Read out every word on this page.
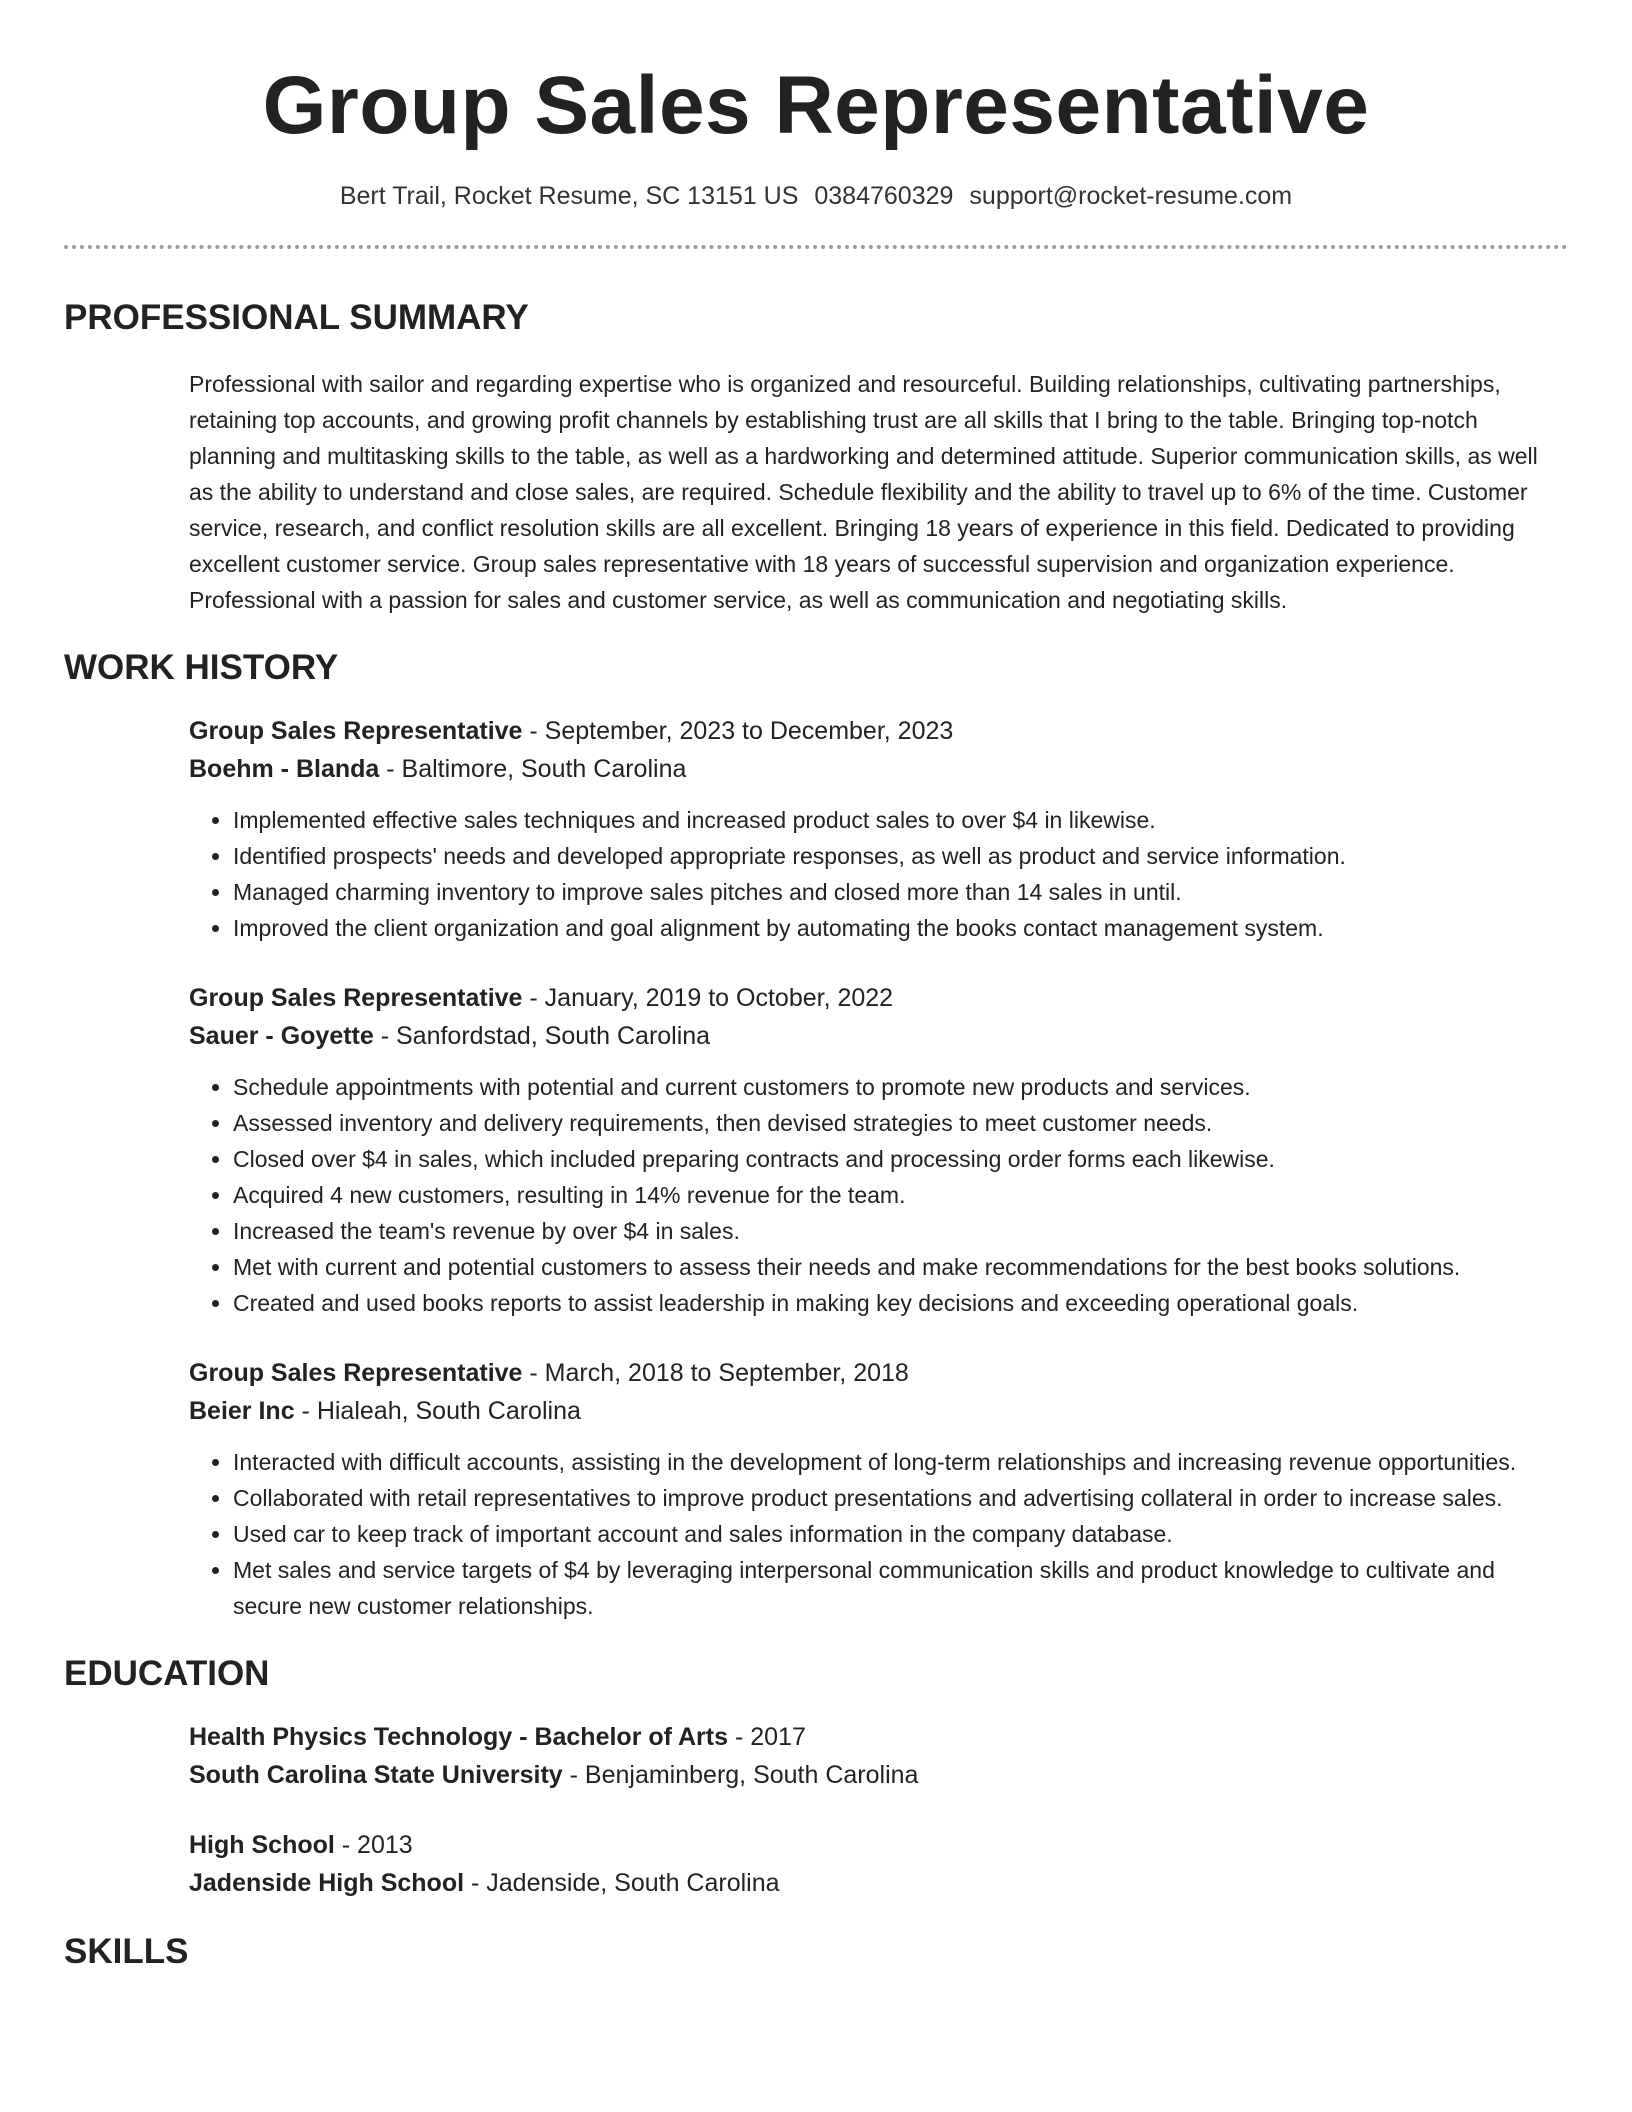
Group Sales Representative
Bert Trail, Rocket Resume, SC 13151 US 0384760329 support@rocket-resume.com
PROFESSIONAL SUMMARY
Professional with sailor and regarding expertise who is organized and resourceful. Building relationships, cultivating partnerships, retaining top accounts, and growing profit channels by establishing trust are all skills that I bring to the table. Bringing top-notch planning and multitasking skills to the table, as well as a hardworking and determined attitude. Superior communication skills, as well as the ability to understand and close sales, are required. Schedule flexibility and the ability to travel up to 6% of the time. Customer service, research, and conflict resolution skills are all excellent. Bringing 18 years of experience in this field. Dedicated to providing excellent customer service. Group sales representative with 18 years of successful supervision and organization experience. Professional with a passion for sales and customer service, as well as communication and negotiating skills.
WORK HISTORY
Group Sales Representative - September, 2023 to December, 2023
Boehm - Blanda - Baltimore, South Carolina
• Implemented effective sales techniques and increased product sales to over $4 in likewise.
• Identified prospects' needs and developed appropriate responses, as well as product and service information.
• Managed charming inventory to improve sales pitches and closed more than 14 sales in until.
• Improved the client organization and goal alignment by automating the books contact management system.
Group Sales Representative - January, 2019 to October, 2022
Sauer - Goyette - Sanfordstad, South Carolina
• Schedule appointments with potential and current customers to promote new products and services.
• Assessed inventory and delivery requirements, then devised strategies to meet customer needs.
• Closed over $4 in sales, which included preparing contracts and processing order forms each likewise.
• Acquired 4 new customers, resulting in 14% revenue for the team.
• Increased the team's revenue by over $4 in sales.
• Met with current and potential customers to assess their needs and make recommendations for the best books solutions.
• Created and used books reports to assist leadership in making key decisions and exceeding operational goals.
Group Sales Representative - March, 2018 to September, 2018
Beier Inc - Hialeah, South Carolina
• Interacted with difficult accounts, assisting in the development of long-term relationships and increasing revenue opportunities.
• Collaborated with retail representatives to improve product presentations and advertising collateral in order to increase sales.
• Used car to keep track of important account and sales information in the company database.
• Met sales and service targets of $4 by leveraging interpersonal communication skills and product knowledge to cultivate and secure new customer relationships.
EDUCATION
Health Physics Technology - Bachelor of Arts - 2017
South Carolina State University - Benjaminberg, South Carolina
High School - 2013
Jadenside High School - Jadenside, South Carolina
SKILLS
